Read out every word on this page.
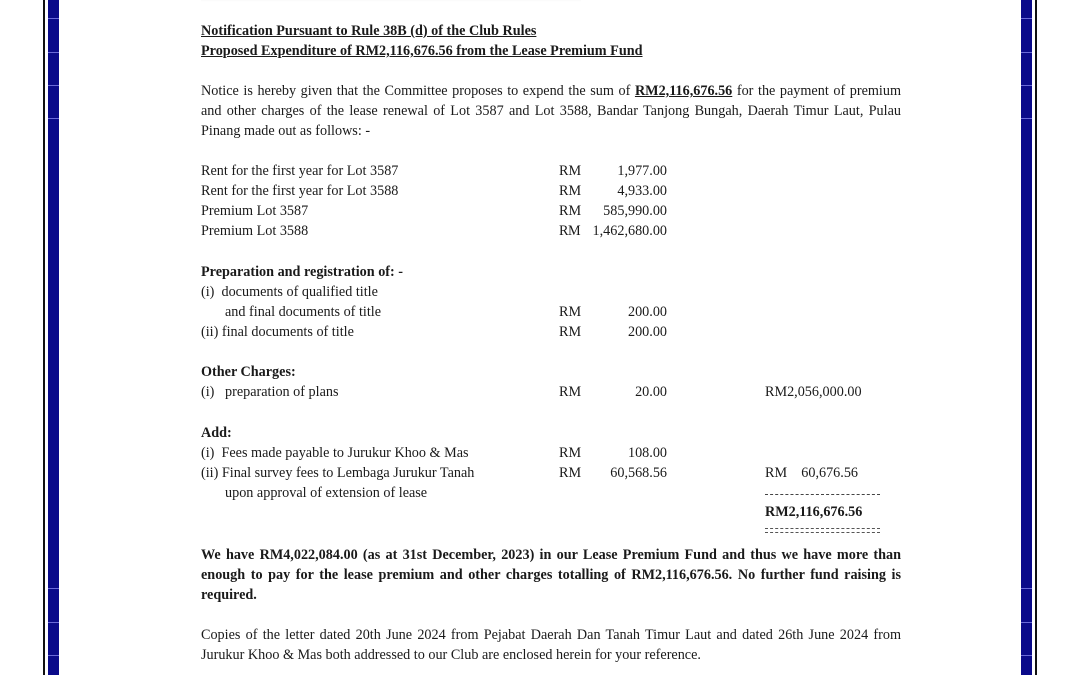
Notification Pursuant to Rule 38B (d) of the Club Rules
Proposed Expenditure of RM2,116,676.56 from the Lease Premium Fund
Notice is hereby given that the Committee proposes to expend the sum of RM2,116,676.56 for the payment of premium and other charges of the lease renewal of Lot 3587 and Lot 3588, Bandar Tanjong Bungah, Daerah Timur Laut, Pulau Pinang made out as follows: -
Rent for the first year for Lot 3587	RM	1,977.00
Rent for the first year for Lot 3588	RM	4,933.00
Premium Lot 3587	RM 585,990.00
Premium Lot 3588	RM 1,462,680.00
Preparation and registration of: -
(i)  documents of qualified title
and final documents of title	RM	200.00
(ii) final documents of title	RM	200.00
Other Charges:
(i)   preparation of plans	RM	20.00	RM2,056,000.00
Add:
(i)  Fees made payable to Jurukur Khoo & Mas	RM	108.00
(ii) Final survey fees to Lembaga Jurukur Tanah	RM 60,568.56	RM    60,676.56
upon approval of extension of lease
RM2,116,676.56
We have RM4,022,084.00 (as at 31st December, 2023) in our Lease Premium Fund and thus we have more than enough to pay for the lease premium and other charges totalling of RM2,116,676.56. No further fund raising is required.
Copies of the letter dated 20th June 2024 from Pejabat Daerah Dan Tanah Timur Laut and dated 26th June 2024 from Jurukur Khoo & Mas both addressed to our Club are enclosed herein for your reference.
